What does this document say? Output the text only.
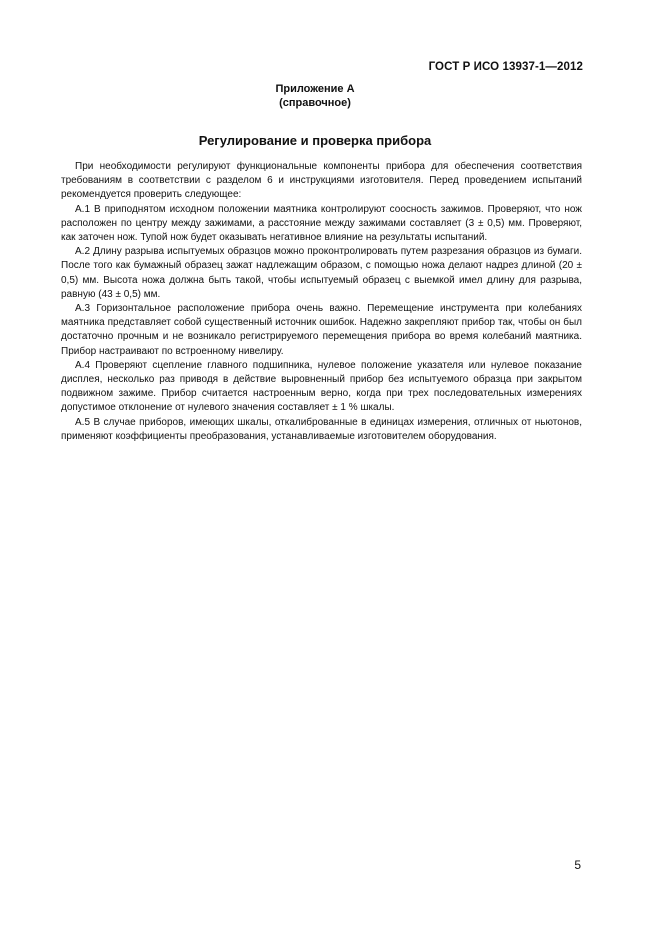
ГОСТ Р ИСО 13937-1—2012
Приложение А
(справочное)
Регулирование и проверка прибора

При необходимости регулируют функциональные компоненты прибора для обеспечения соответствия требованиям в соответствии с разделом 6 и инструкциями изготовителя. Перед проведением испытаний рекомендуется проверить следующее:

А.1 В приподнятом исходном положении маятника контролируют соосность зажимов. Проверяют, что нож расположен по центру между зажимами, а расстояние между зажимами составляет (3 ± 0,5) мм. Проверяют, как заточен нож. Тупой нож будет оказывать негативное влияние на результаты испытаний.

А.2 Длину разрыва испытуемых образцов можно проконтролировать путем разрезания образцов из бумаги. После того как бумажный образец зажат надлежащим образом, с помощью ножа делают надрез длиной (20 ± 0,5) мм. Высота ножа должна быть такой, чтобы испытуемый образец с выемкой имел длину для разрыва, равную (43 ± 0,5) мм.

А.3 Горизонтальное расположение прибора очень важно. Перемещение инструмента при колебаниях маятника представляет собой существенный источник ошибок. Надежно закрепляют прибор так, чтобы он был достаточно прочным и не возникало регистрируемого перемещения прибора во время колебаний маятника. Прибор настраивают по встроенному нивелиру.

А.4 Проверяют сцепление главного подшипника, нулевое положение указателя или нулевое показание дисплея, несколько раз приводя в действие выровненный прибор без испытуемого образца при закрытом подвижном зажиме. Прибор считается настроенным верно, когда при трех последовательных измерениях допустимое отклонение от нулевого значения составляет ± 1 % шкалы.

А.5 В случае приборов, имеющих шкалы, откалиброванные в единицах измерения, отличных от ньютонов, применяют коэффициенты преобразования, устанавливаемые изготовителем оборудования.

5
